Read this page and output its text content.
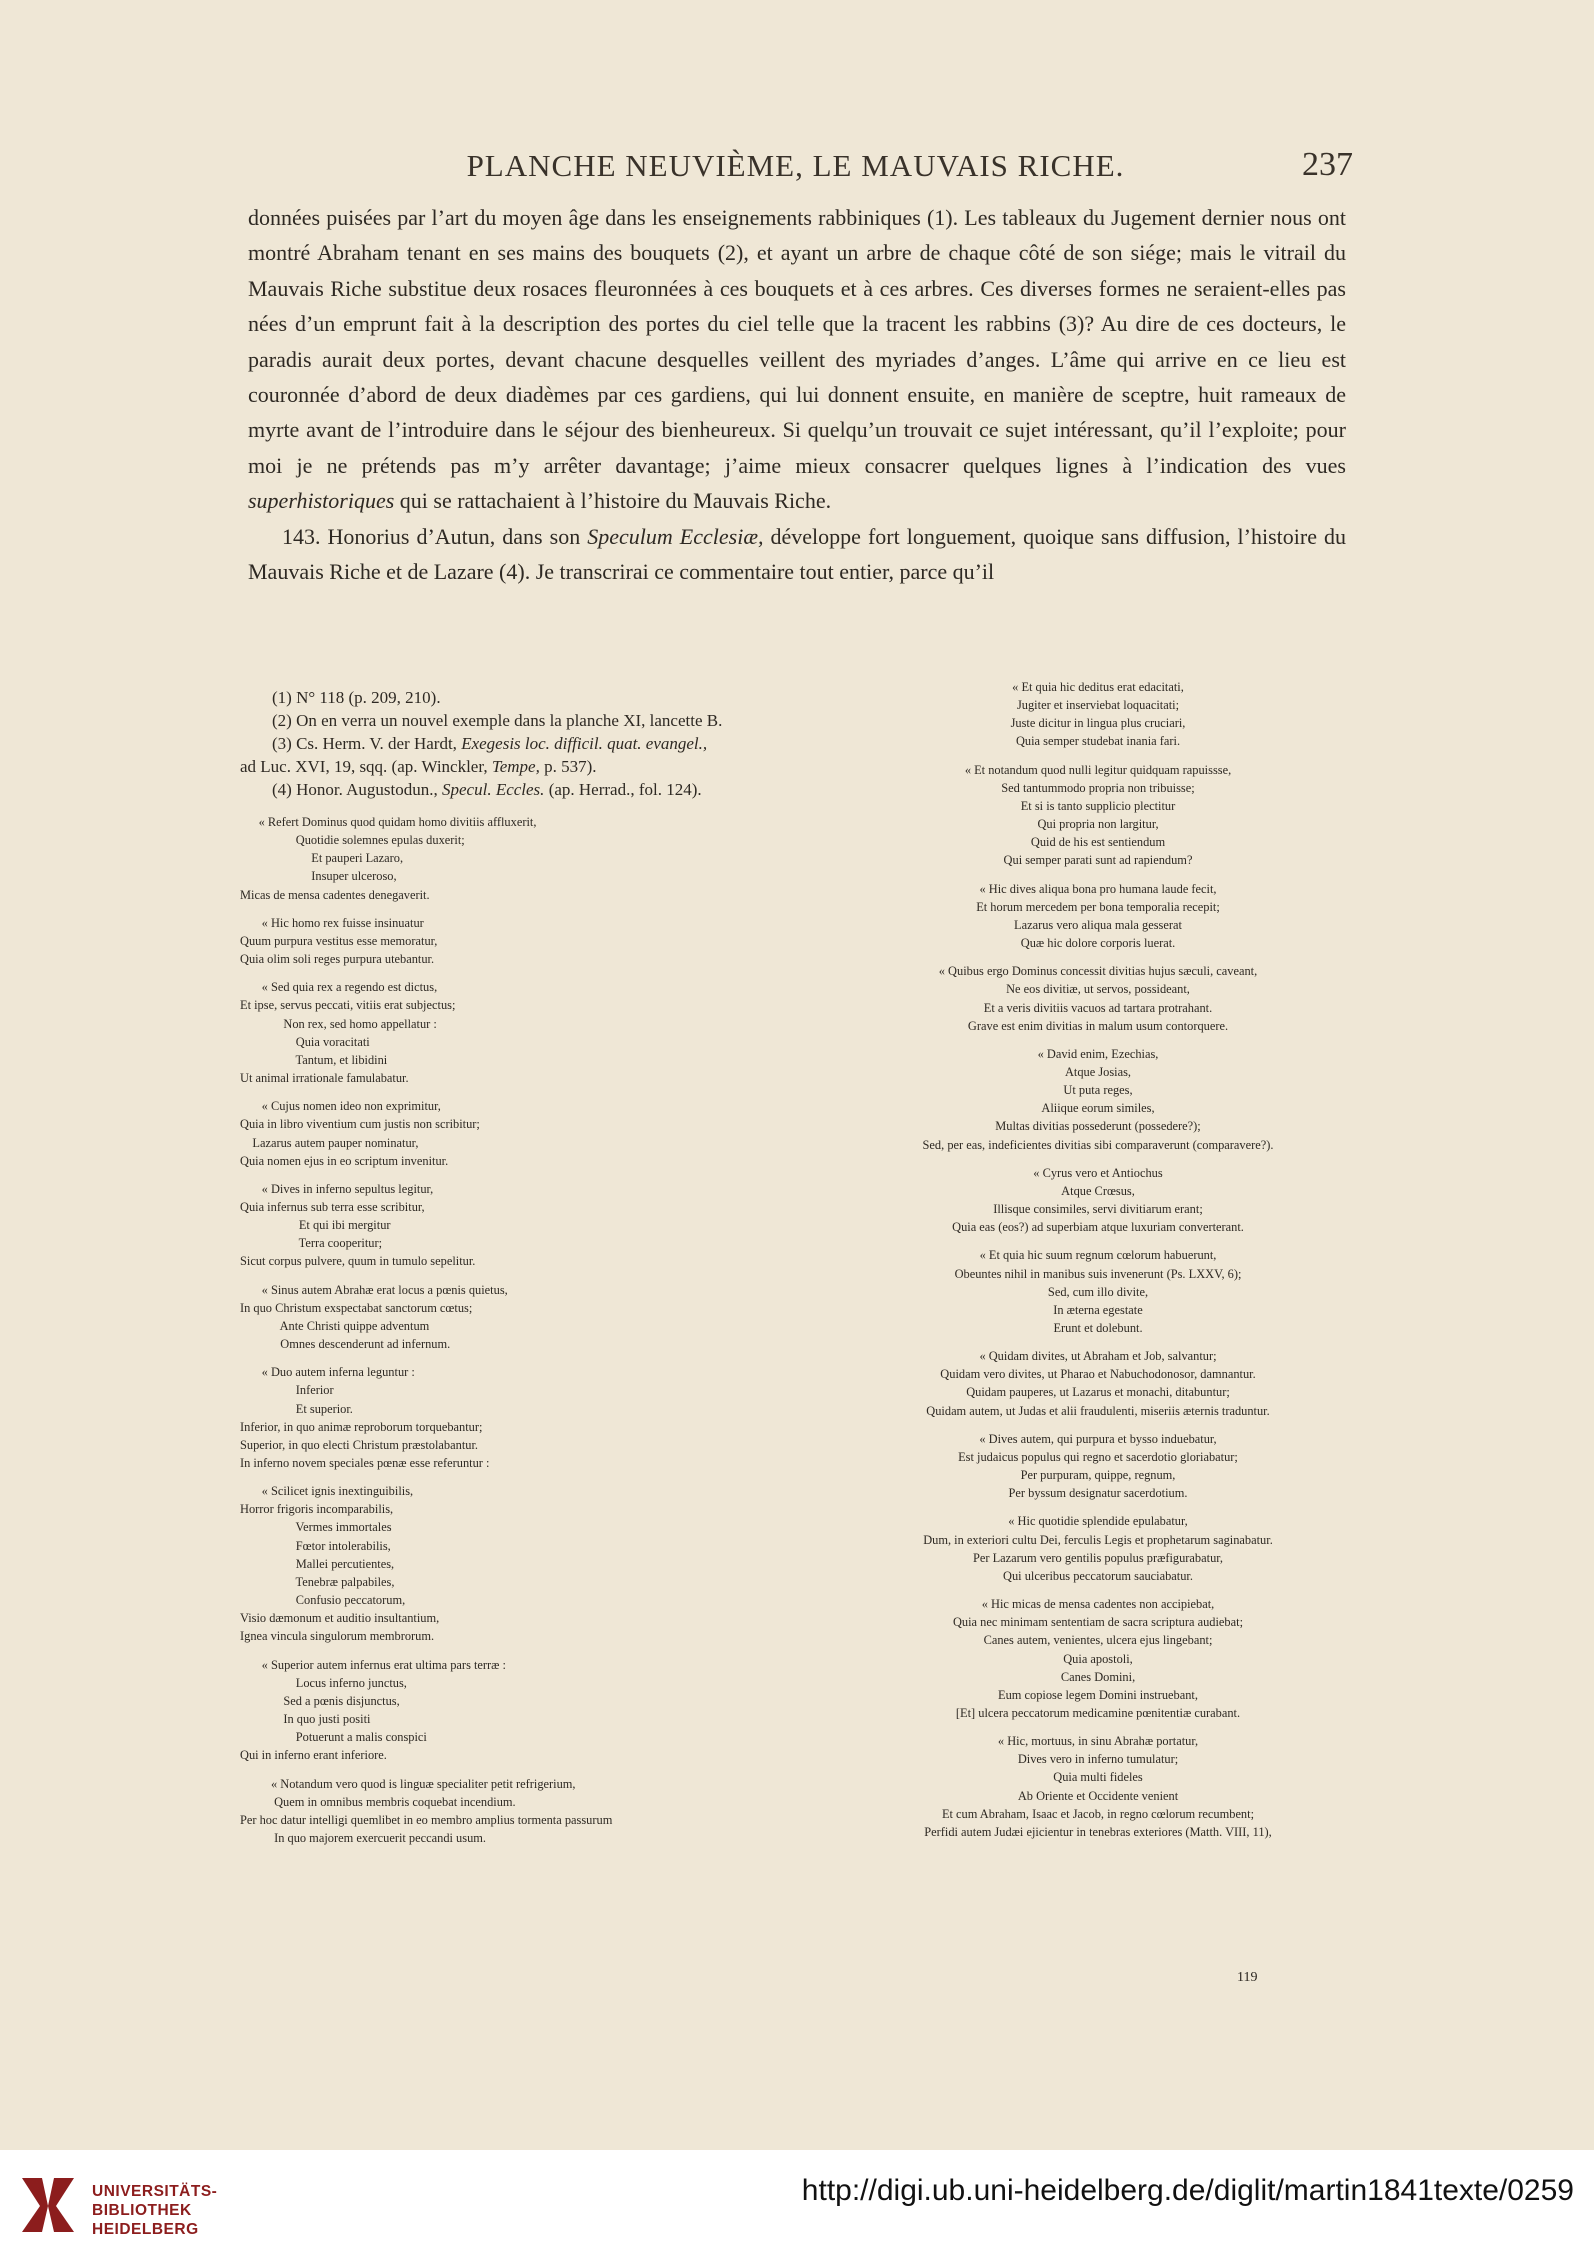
PLANCHE NEUVIÈME, LE MAUVAIS RICHE.	237

données puisées par l’art du moyen âge dans les enseignements rabbiniques (1). Les tableaux du Jugement dernier nous ont montré Abraham tenant en ses mains des bouquets (2), et ayant un arbre de chaque côté de son siége; mais le vitrail du Mauvais Riche substitue deux rosaces fleuronnées à ces bouquets et à ces arbres. Ces diverses formes ne seraient-elles pas nées d’un emprunt fait à la description des portes du ciel telle que la tracent les rabbins (3)? Au dire de ces docteurs, le paradis aurait deux portes, devant chacune desquelles veillent des myriades d’anges. L’âme qui arrive en ce lieu est couronnée d’abord de deux diadèmes par ces gardiens, qui lui donnent ensuite, en manière de sceptre, huit rameaux de myrte avant de l’introduire dans le séjour des bienheureux. Si quelqu’un trouvait ce sujet intéressant, qu’il l’exploite; pour moi je ne prétends pas m’y arrêter davantage; j’aime mieux consacrer quelques lignes à l’indication des vues superhistoriques qui se rattachaient à l’histoire du Mauvais Riche.

143. Honorius d’Autun, dans son Speculum Ecclesiæ, développe fort longuement, quoique sans diffusion, l’histoire du Mauvais Riche et de Lazare (4). Je transcrirai ce commentaire tout entier, parce qu’il

(1) N° 118 (p. 209, 210).
(2) On en verra un nouvel exemple dans la planche XI, lancette B.
(3) Cs. Herm. V. der Hardt, Exegesis loc. difficil. quat. evangel.,
ad Luc. XVI, 19, sqq. (ap. Winckler, Tempe, p. 537).
(4) Honor. Augustodun., Specul. Eccles. (ap. Herrad., fol. 124).
« Refert Dominus quod quidam homo divitiis affluxerit,
Quotidie solemnes epulas duxerit;
Et pauperi Lazaro,
Insuper ulceroso,
Micas de mensa cadentes denegaverit.
« Hic homo rex fuisse insinuatur
Quum purpura vestitus esse memoratur,
Quia olim soli reges purpura utebantur.
« Sed quia rex a regendo est dictus,
Et ipse, servus peccati, vitiis erat subjectus;
Non rex, sed homo appellatur :
Quia voracitati
Tantum, et libidini
Ut animal irrationale famulabatur.
« Cujus nomen ideo non exprimitur,
Quia in libro viventium cum justis non scribitur;
Lazarus autem pauper nominatur,
Quia nomen ejus in eo scriptum invenitur.
« Dives in inferno sepultus legitur,
Quia infernus sub terra esse scribitur,
Et qui ibi mergitur
Terra cooperitur;
Sicut corpus pulvere, quum in tumulo sepelitur.
« Sinus autem Abrahæ erat locus a pœnis quietus,
In quo Christum exspectabat sanctorum cœtus;
Ante Christi quippe adventum
Omnes descenderunt ad infernum.
« Duo autem inferna leguntur :
Inferior
Et superior.
Inferior, in quo animæ reproborum torquebantur;
Superior, in quo electi Christum præstolabantur.
In inferno novem speciales pœnæ esse referuntur :
« Scilicet ignis inextinguibilis,
Horror frigoris incomparabilis,
Vermes immortales
Fœtor intolerabilis,
Mallei percutientes,
Tenebræ palpabiles,
Confusio peccatorum,
Visio dæmonum et auditio insultantium,
Ignea vincula singulorum membrorum.
« Superior autem infernus erat ultima pars terræ :
Locus inferno junctus,
Sed a pœnis disjunctus,
In quo justi positi
Potuerunt a malis conspici
Qui in inferno erant inferiore.
« Notandum vero quod is linguæ specialiter petit refrigerium,
Quem in omnibus membris coquebat incendium.
Per hoc datur intelligi quemlibet in eo membro amplius tormenta passurum
In quo majorem exercuerit peccandi usum.
« Et quia hic deditus erat edacitati,
Jugiter et inserviebat loquacitati;
Juste dicitur in lingua plus cruciari,
Quia semper studebat inania fari.
« Et notandum quod nulli legitur quidquam rapuissse,
Sed tantummodo propria non tribuisse;
Et si is tanto supplicio plectitur
Qui propria non largitur,
Quid de his est sentiendum
Qui semper parati sunt ad rapiendum?
« Hic dives aliqua bona pro humana laude fecit,
Et horum mercedem per bona temporalia recepit;
Lazarus vero aliqua mala gesserat
Quæ hic dolore corporis luerat.
« Quibus ergo Dominus concessit divitias hujus sæculi, caveant,
Ne eos divitiæ, ut servos, possideant,
Et a veris divitiis vacuos ad tartara protrahant.
Grave est enim divitias in malum usum contorquere.
« David enim, Ezechias,
Atque Josias,
Ut puta reges,
Aliique eorum similes,
Multas divitias possederunt (possedere?);
Sed, per eas, indeficientes divitias sibi comparaverunt (comparavere?).
« Cyrus vero et Antiochus
Atque Crœsus,
Illisque consimiles, servi divitiarum erant;
Quia eas (eos?) ad superbiam atque luxuriam converterant.
« Et quia hic suum regnum cœlorum habuerunt,
Obeuntes nihil in manibus suis invenerunt (Ps. LXXV, 6);
Sed, cum illo divite,
In æterna egestate
Erunt et dolebunt.
« Quidam divites, ut Abraham et Job, salvantur;
Quidam vero divites, ut Pharao et Nabuchodonosor, damnantur.
Quidam pauperes, ut Lazarus et monachi, ditabuntur;
Quidam autem, ut Judas et alii fraudulenti, miseriis æternis traduntur.
« Dives autem, qui purpura et bysso induebatur,
Est judaicus populus qui regno et sacerdotio gloriabatur;
Per purpuram, quippe, regnum,
Per byssum designatur sacerdotium.
« Hic quotidie splendide epulabatur,
Dum, in exteriori cultu Dei, ferculis Legis et prophetarum saginabatur.
Per Lazarum vero gentilis populus præfigurabatur,
Qui ulceribus peccatorum sauciabatur.
« Hic micas de mensa cadentes non accipiebat,
Quia nec minimam sententiam de sacra scriptura audiebat;
Canes autem, venientes, ulcera ejus lingebant;
Quia apostoli,
Canes Domini,
Eum copiose legem Domini instruebant,
[Et] ulcera peccatorum medicamine pœnitentiæ curabant.
« Hic, mortuus, in sinu Abrahæ portatur,
Dives vero in inferno tumulatur;
Quia multi fideles
Ab Oriente et Occidente venient
Et cum Abraham, Isaac et Jacob, in regno cœlorum recumbent;
Perfidi autem Judæi ejicientur in tenebras exteriores (Matth. VIII, 11),
119
UNIVERSITÄTS-
BIBLIOTHEK
HEIDELBERG
http://digi.ub.uni-heidelberg.de/diglit/martin1841texte/0259
